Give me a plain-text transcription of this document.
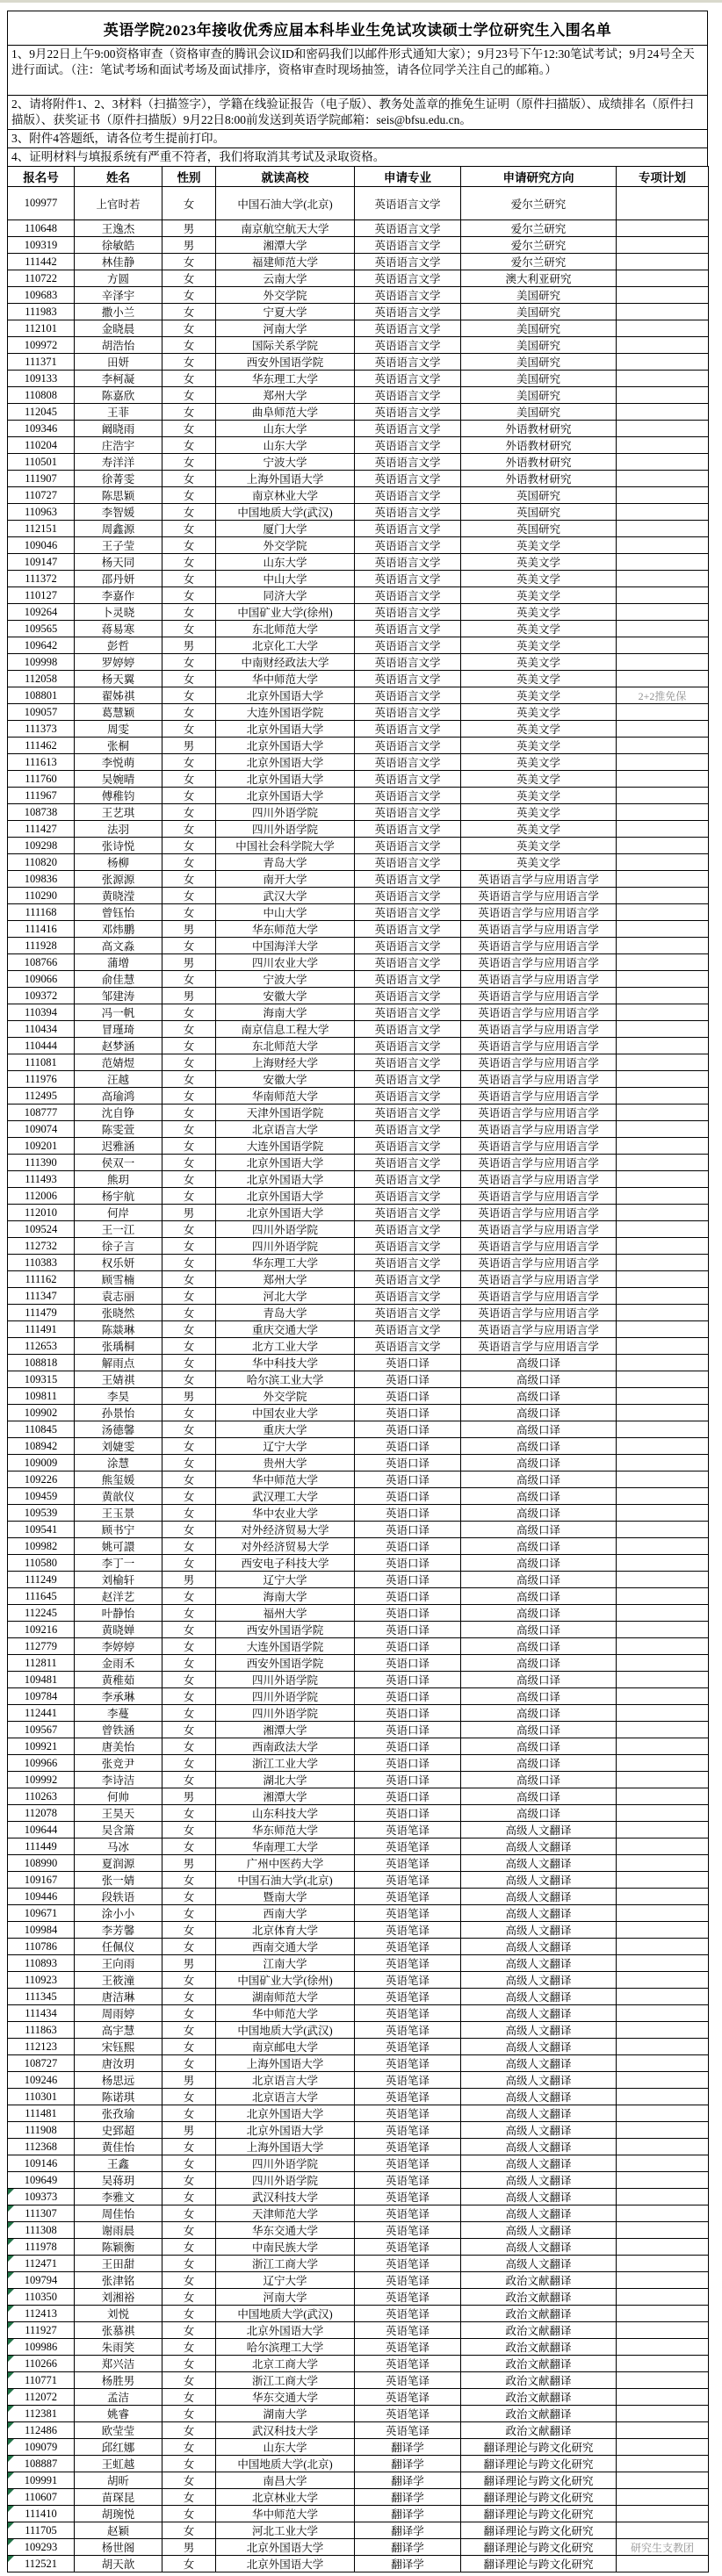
英语学院2023年接收优秀应届本科毕业生免试攻读硕士学位研究生入围名单
1、9月22日上午9:00资格审查（资格审查的腾讯会议ID和密码我们以邮件形式通知大家）；9月23号下午12:30笔试考试；9月24号全天进行面试。（注：笔试考场和面试考场及面试排序，资格审查时现场抽签，请各位同学关注自己的邮箱。）
2、请将附件1、2、3材料（扫描签字），学籍在线验证报告（电子版）、教务处盖章的推免生证明（原件扫描版）、成绩排名（原件扫描版）、获奖证书（原件扫描版）9月22日8:00前发送到英语学院邮箱：seis@bfsu.edu.cn。
3、附件4答题纸，请各位考生提前打印。
4、证明材料与填报系统有严重不符者，我们将取消其考试及录取资格。
报名号	姓名	性别	就读高校	申请专业	申请研究方向	专项计划
109977	上官时若	女	中国石油大学(北京)	英语语言文学	爱尔兰研究	
110648	王逸杰	男	南京航空航天大学	英语语言文学	爱尔兰研究	
109319	徐敏皓	男	湘潭大学	英语语言文学	爱尔兰研究	
111442	林佳静	女	福建师范大学	英语语言文学	爱尔兰研究	
110722	方圆	女	云南大学	英语语言文学	澳大利亚研究	
109683	辛泽宇	女	外交学院	英语语言文学	美国研究	
111983	撒小兰	女	宁夏大学	英语语言文学	美国研究	
112101	金晓晨	女	河南大学	英语语言文学	美国研究	
109972	胡浩怡	女	国际关系学院	英语语言文学	美国研究	
111371	田妍	女	西安外国语学院	英语语言文学	美国研究	
109133	李柯凝	女	华东理工大学	英语语言文学	美国研究	
110808	陈嘉欣	女	郑州大学	英语语言文学	美国研究	
112045	王菲	女	曲阜师范大学	英语语言文学	美国研究	
109346	阚晓雨	女	山东大学	英语语言文学	外语教材研究	
110204	庄浩宇	女	山东大学	英语语言文学	外语教材研究	
110501	寿洋洋	女	宁波大学	英语语言文学	外语教材研究	
111907	徐菁雯	女	上海外国语大学	英语语言文学	外语教材研究	
110727	陈思颖	女	南京林业大学	英语语言文学	英国研究	
110963	李智媛	女	中国地质大学(武汉)	英语语言文学	英国研究	
112151	周鑫源	女	厦门大学	英语语言文学	英国研究	
109046	王子莹	女	外交学院	英语语言文学	英美文学	
109147	杨天同	女	山东大学	英语语言文学	英美文学	
111372	邵丹妍	女	中山大学	英语语言文学	英美文学	
110127	李嘉作	女	同济大学	英语语言文学	英美文学	
109264	卜灵晓	女	中国矿业大学(徐州)	英语语言文学	英美文学	
109565	蒋易寒	女	东北师范大学	英语语言文学	英美文学	
109642	彭哲	男	北京化工大学	英语语言文学	英美文学	
109998	罗婷婷	女	中南财经政法大学	英语语言文学	英美文学	
112058	杨天翼	女	华中师范大学	英语语言文学	英美文学	
108801	翟姊祺	女	北京外国语大学	英语语言文学	英美文学	2+2推免保
109057	葛慧颖	女	大连外国语学院	英语语言文学	英美文学	
111373	周雯	女	北京外国语大学	英语语言文学	英美文学	
111462	张桐	男	北京外国语大学	英语语言文学	英美文学	
111613	李悦萌	女	北京外国语大学	英语语言文学	英美文学	
111760	吴婉晴	女	北京外国语大学	英语语言文学	英美文学	
111967	傅稚钧	女	北京外国语大学	英语语言文学	英美文学	
108738	王艺琪	女	四川外语学院	英语语言文学	英美文学	
111427	法羽	女	四川外语学院	英语语言文学	英美文学	
109298	张诗悦	女	中国社会科学院大学	英语语言文学	英美文学	
110820	杨柳	女	青岛大学	英语语言文学	英美文学	
109836	张源源	女	南开大学	英语语言文学	英语语言学与应用语言学	
110290	黄晓滢	女	武汉大学	英语语言文学	英语语言学与应用语言学	
111168	曾钰怡	女	中山大学	英语语言文学	英语语言学与应用语言学	
111416	邓炜鹏	男	华东师范大学	英语语言文学	英语语言学与应用语言学	
111928	高文淼	女	中国海洋大学	英语语言文学	英语语言学与应用语言学	
108766	蒲增	男	四川农业大学	英语语言文学	英语语言学与应用语言学	
109066	俞佳慧	女	宁波大学	英语语言文学	英语语言学与应用语言学	
109372	邹建涛	男	安徽大学	英语语言文学	英语语言学与应用语言学	
110394	冯一帆	女	海南大学	英语语言文学	英语语言学与应用语言学	
110434	冒瑾琦	女	南京信息工程大学	英语语言文学	英语语言学与应用语言学	
110444	赵梦涵	女	东北师范大学	英语语言文学	英语语言学与应用语言学	
111081	范婧煜	女	上海财经大学	英语语言文学	英语语言学与应用语言学	
111976	汪越	女	安徽大学	英语语言文学	英语语言学与应用语言学	
112495	高瑜鸿	女	华南师范大学	英语语言文学	英语语言学与应用语言学	
108777	沈自铮	女	天津外国语学院	英语语言文学	英语语言学与应用语言学	
109074	陈雯萱	女	北京语言大学	英语语言文学	英语语言学与应用语言学	
109201	迟雅涵	女	大连外国语学院	英语语言文学	英语语言学与应用语言学	
111390	侯双一	女	北京外国语大学	英语语言文学	英语语言学与应用语言学	
111493	熊玥	女	北京外国语大学	英语语言文学	英语语言学与应用语言学	
112006	杨宇航	女	北京外国语大学	英语语言文学	英语语言学与应用语言学	
112010	何岸	男	北京外国语大学	英语语言文学	英语语言学与应用语言学	
109524	王一江	女	四川外语学院	英语语言文学	英语语言学与应用语言学	
112732	徐子言	女	四川外语学院	英语语言文学	英语语言学与应用语言学	
110383	权乐妍	女	华东理工大学	英语语言文学	英语语言学与应用语言学	
111162	顾雪楠	女	郑州大学	英语语言文学	英语语言学与应用语言学	
111347	袁志丽	女	河北大学	英语语言文学	英语语言学与应用语言学	
111479	张晓然	女	青岛大学	英语语言文学	英语语言学与应用语言学	
111491	陈燚琳	女	重庆交通大学	英语语言文学	英语语言学与应用语言学	
112653	张瑀桐	女	北方工业大学	英语语言文学	英语语言学与应用语言学	
108818	解雨点	女	华中科技大学	英语口译	高级口译	
109315	王婧祺	女	哈尔滨工业大学	英语口译	高级口译	
109811	李昊	男	外交学院	英语口译	高级口译	
109902	孙景怡	女	中国农业大学	英语口译	高级口译	
110845	汤德馨	女	重庆大学	英语口译	高级口译	
108942	刘婕雯	女	辽宁大学	英语口译	高级口译	
109009	涂慧	女	贵州大学	英语口译	高级口译	
109226	熊玺媛	女	华中师范大学	英语口译	高级口译	
109459	黄歆仪	女	武汉理工大学	英语口译	高级口译	
109539	王玉景	女	华中农业大学	英语口译	高级口译	
109541	顾书宁	女	对外经济贸易大学	英语口译	高级口译	
109982	姚可譞	女	对外经济贸易大学	英语口译	高级口译	
110580	李丁一	女	西安电子科技大学	英语口译	高级口译	
111249	刘榆轩	男	辽宁大学	英语口译	高级口译	
111645	赵洋艺	女	海南大学	英语口译	高级口译	
112245	叶静怡	女	福州大学	英语口译	高级口译	
109216	黄晓婵	女	西安外国语学院	英语口译	高级口译	
112779	李婷婷	女	大连外国语学院	英语口译	高级口译	
112811	金雨禾	女	西安外国语学院	英语口译	高级口译	
109481	黄稚茹	女	四川外语学院	英语口译	高级口译	
109784	李承琳	女	四川外语学院	英语口译	高级口译	
112441	李蔓	女	四川外语学院	英语口译	高级口译	
109567	曾铁涵	女	湘潭大学	英语口译	高级口译	
109921	唐美怡	女	西南政法大学	英语口译	高级口译	
109966	张竞尹	女	浙江工业大学	英语口译	高级口译	
109992	李诗洁	女	湖北大学	英语口译	高级口译	
110263	何帅	男	湘潭大学	英语口译	高级口译	
112078	王昊天	女	山东科技大学	英语口译	高级口译	
109644	吴含箫	女	华东师范大学	英语笔译	高级人文翻译	
111449	马冰	女	华南理工大学	英语笔译	高级人文翻译	
108990	夏润源	男	广州中医药大学	英语笔译	高级人文翻译	
109167	张一婧	女	中国石油大学(北京)	英语笔译	高级人文翻译	
109446	段轶语	女	暨南大学	英语笔译	高级人文翻译	
109671	涂小小	女	西南大学	英语笔译	高级人文翻译	
109984	李芳馨	女	北京体育大学	英语笔译	高级人文翻译	
110786	任佩仪	女	西南交通大学	英语笔译	高级人文翻译	
110893	王向雨	男	江南大学	英语笔译	高级人文翻译	
110923	王筱潼	女	中国矿业大学(徐州)	英语笔译	高级人文翻译	
111345	唐洁琳	女	湖南师范大学	英语笔译	高级人文翻译	
111434	周雨婷	女	华中师范大学	英语笔译	高级人文翻译	
111863	高宇慧	女	中国地质大学(武汉)	英语笔译	高级人文翻译	
112123	宋钰熙	女	南京邮电大学	英语笔译	高级人文翻译	
108727	唐汝玥	女	上海外国语大学	英语笔译	高级人文翻译	
109246	杨思远	男	北京语言大学	英语笔译	高级人文翻译	
110301	陈诺琪	女	北京语言大学	英语笔译	高级人文翻译	
111481	张孜瑜	女	北京外国语大学	英语笔译	高级人文翻译	
111908	史郅超	男	北京外国语大学	英语笔译	高级人文翻译	
112368	黄佳怡	女	上海外国语大学	英语笔译	高级人文翻译	
109146	王鑫	女	四川外语学院	英语笔译	高级人文翻译	
109649	吴蒋玥	女	四川外语学院	英语笔译	高级人文翻译	
109373	李雅文	女	武汉科技大学	英语笔译	高级人文翻译	
111307	周佳怡	女	天津师范大学	英语笔译	高级人文翻译	
111308	谢雨晨	女	华东交通大学	英语笔译	高级人文翻译	
111978	陈颖衡	女	中南民族大学	英语笔译	高级人文翻译	
112471	王田甜	女	浙江工商大学	英语笔译	高级人文翻译	
109794	张津铭	女	辽宁大学	英语笔译	政治文献翻译	
110350	刘湘裕	女	河南大学	英语笔译	政治文献翻译	
112413	刘悦	女	中国地质大学(武汉)	英语笔译	政治文献翻译	
111927	张慕祺	女	北京外国语大学	英语笔译	政治文献翻译	
109986	朱雨笑	女	哈尔滨理工大学	英语笔译	政治文献翻译	
110266	郑兴洁	女	北京工商大学	英语笔译	政治文献翻译	
110771	杨胜男	女	浙江工商大学	英语笔译	政治文献翻译	
112072	孟洁	女	华东交通大学	英语笔译	政治文献翻译	
112381	姚睿	女	湖南大学	英语笔译	政治文献翻译	
112486	欧莹莹	女	武汉科技大学	英语笔译	政治文献翻译	
109079	邱红娜	女	山东大学	翻译学	翻译理论与跨文化研究	
108887	王虹越	女	中国地质大学(北京)	翻译学	翻译理论与跨文化研究	
109991	胡昕	女	南昌大学	翻译学	翻译理论与跨文化研究	
110607	苗琛昆	女	北京林业大学	翻译学	翻译理论与跨文化研究	
111410	胡琬悦	女	华中师范大学	翻译学	翻译理论与跨文化研究	
111705	赵颖	女	河北工业大学	翻译学	翻译理论与跨文化研究	
109293	杨世阁	男	北京外国语大学	翻译学	翻译理论与跨文化研究	研究生支教团
112521	胡天歆	女	北京外国语大学	翻译学	翻译理论与跨文化研究	
